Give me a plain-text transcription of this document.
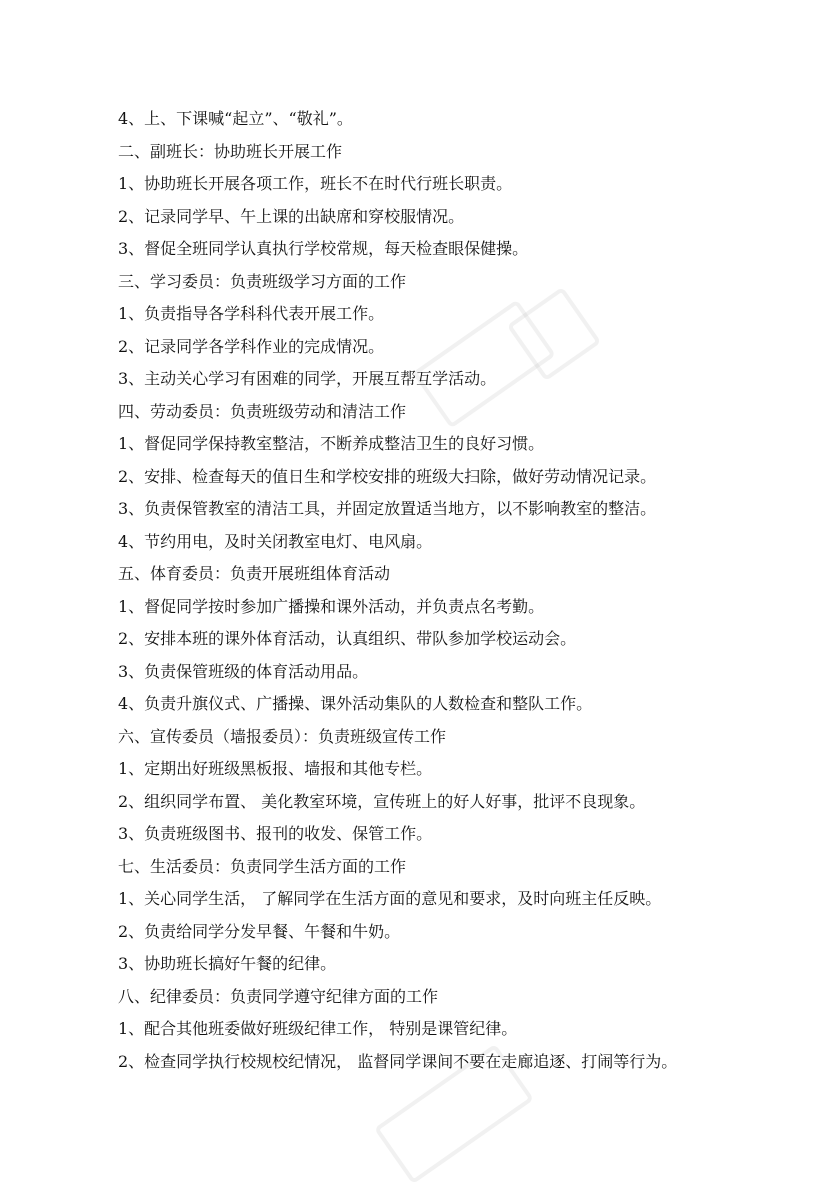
4、上、下课喊“起立”、“敬礼”。
二、副班长：协助班长开展工作
1、协助班长开展各项工作，班长不在时代行班长职责。
2、记录同学早、午上课的出缺席和穿校服情况。
3、督促全班同学认真执行学校常规，每天检查眼保健操。
三、学习委员：负责班级学习方面的工作
1、负责指导各学科科代表开展工作。
2、记录同学各学科作业的完成情况。
3、主动关心学习有困难的同学，开展互帮互学活动。
四、劳动委员：负责班级劳动和清洁工作
1、督促同学保持教室整洁，不断养成整洁卫生的良好习惯。
2、安排、检查每天的值日生和学校安排的班级大扫除，做好劳动情况记录。
3、负责保管教室的清洁工具，并固定放置适当地方，以不影响教室的整洁。
4、节约用电，及时关闭教室电灯、电风扇。
五、体育委员：负责开展班组体育活动
1、督促同学按时参加广播操和课外活动，并负责点名考勤。
2、安排本班的课外体育活动，认真组织、带队参加学校运动会。
3、负责保管班级的体育活动用品。
4、负责升旗仪式、广播操、课外活动集队的人数检查和整队工作。
六、宣传委员（墙报委员）：负责班级宣传工作
1、定期出好班级黑板报、墙报和其他专栏。
2、组织同学布置、 美化教室环境，宣传班上的好人好事，批评不良现象。
3、负责班级图书、报刊的收发、保管工作。
七、生活委员：负责同学生活方面的工作
1、关心同学生活， 了解同学在生活方面的意见和要求，及时向班主任反映。
2、负责给同学分发早餐、午餐和牛奶。
3、协助班长搞好午餐的纪律。
八、纪律委员：负责同学遵守纪律方面的工作
1、配合其他班委做好班级纪律工作， 特别是课管纪律。
2、检查同学执行校规校纪情况， 监督同学课间不要在走廊追逐、打闹等行为。
